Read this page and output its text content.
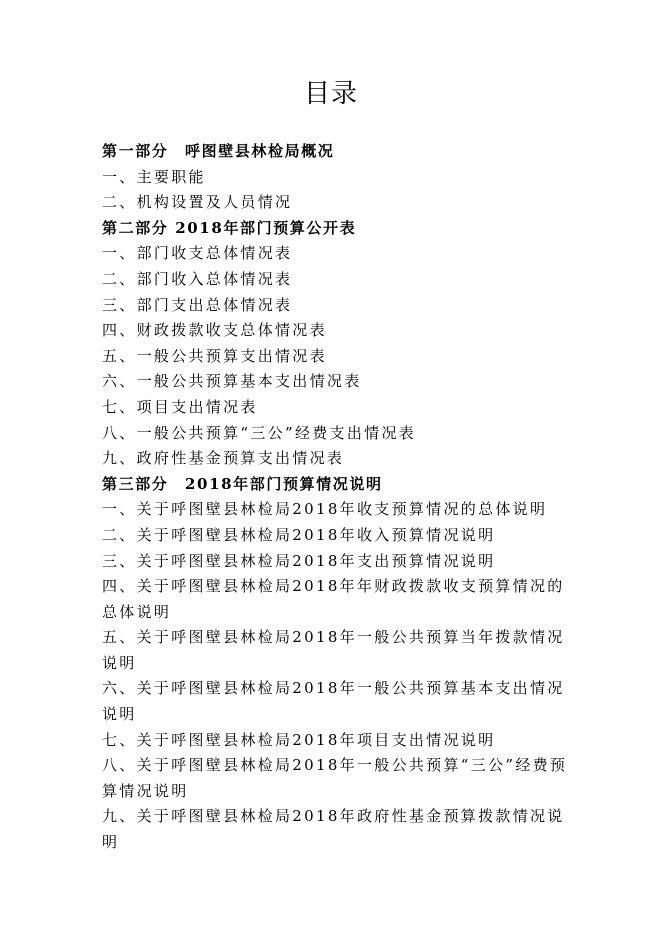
目录
第一部分　呼图壁县林检局概况
一、主要职能
二、机构设置及人员情况
第二部分 2018年部门预算公开表
一、部门收支总体情况表
二、部门收入总体情况表
三、部门支出总体情况表
四、财政拨款收支总体情况表
五、一般公共预算支出情况表
六、一般公共预算基本支出情况表
七、项目支出情况表
八、一般公共预算“三公”经费支出情况表
九、政府性基金预算支出情况表
第三部分　2018年部门预算情况说明
一、关于呼图壁县林检局2018年收支预算情况的总体说明
二、关于呼图壁县林检局2018年收入预算情况说明
三、关于呼图壁县林检局2018年支出预算情况说明
四、关于呼图壁县林检局2018年年财政拨款收支预算情况的总体说明
五、关于呼图壁县林检局2018年一般公共预算当年拨款情况说明
六、关于呼图壁县林检局2018年一般公共预算基本支出情况说明
七、关于呼图壁县林检局2018年项目支出情况说明
八、关于呼图壁县林检局2018年一般公共预算“三公”经费预算情况说明
九、关于呼图壁县林检局2018年政府性基金预算拨款情况说明
